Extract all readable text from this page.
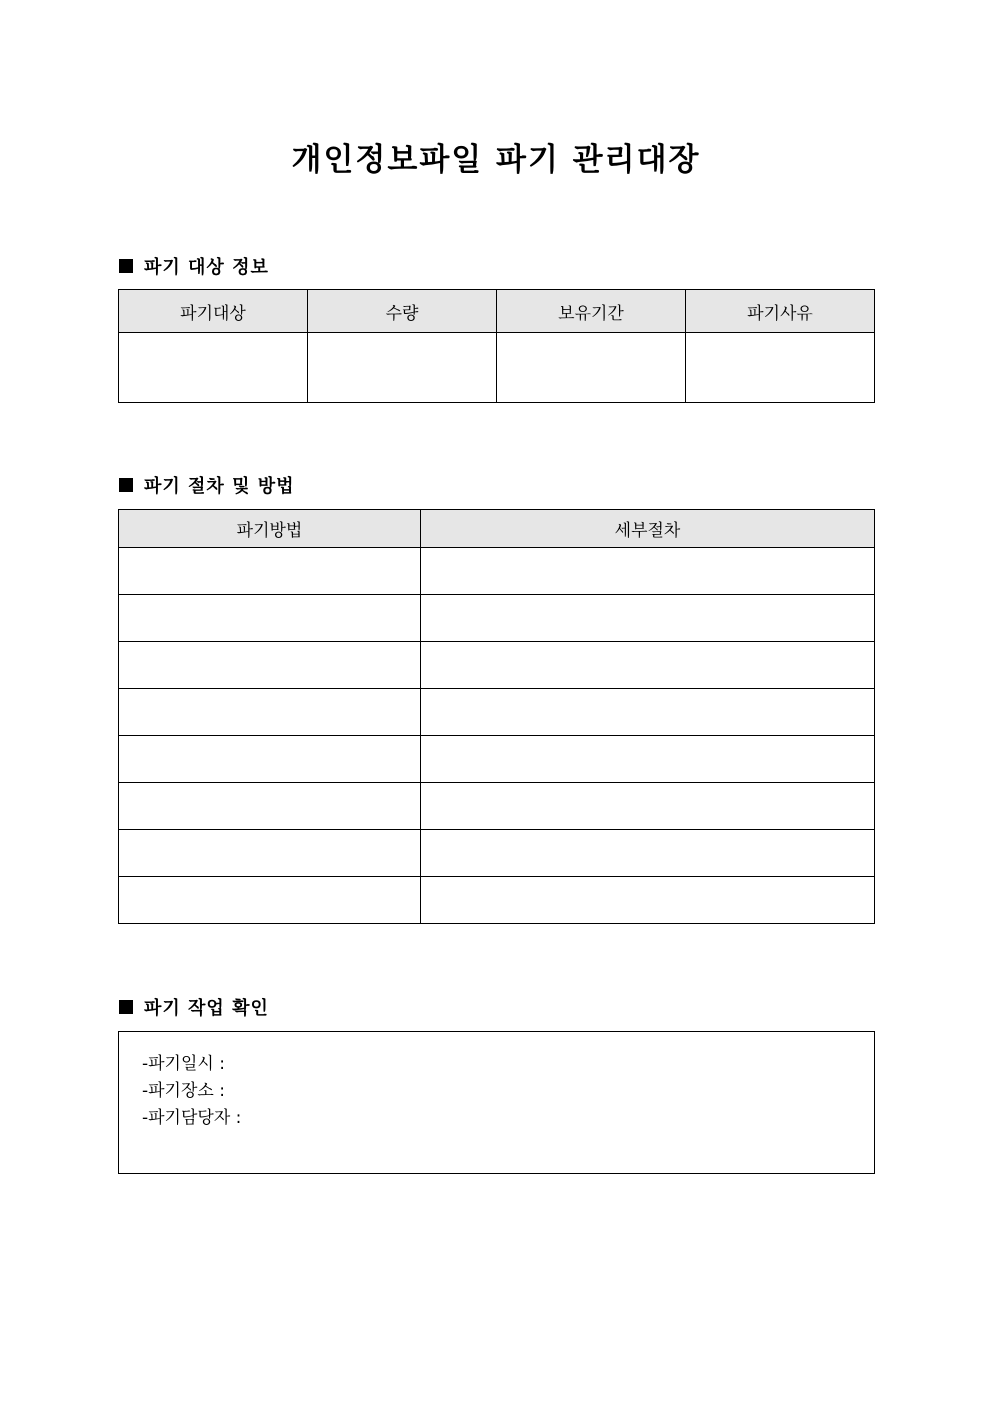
개인정보파일 파기 관리대장
파기 대상 정보
파기대상	수량	보유기간	파기사유

파기 절차 및 방법
파기방법	세부절차

파기 작업 확인
-파기일시 :
-파기장소 :
-파기담당자 :
